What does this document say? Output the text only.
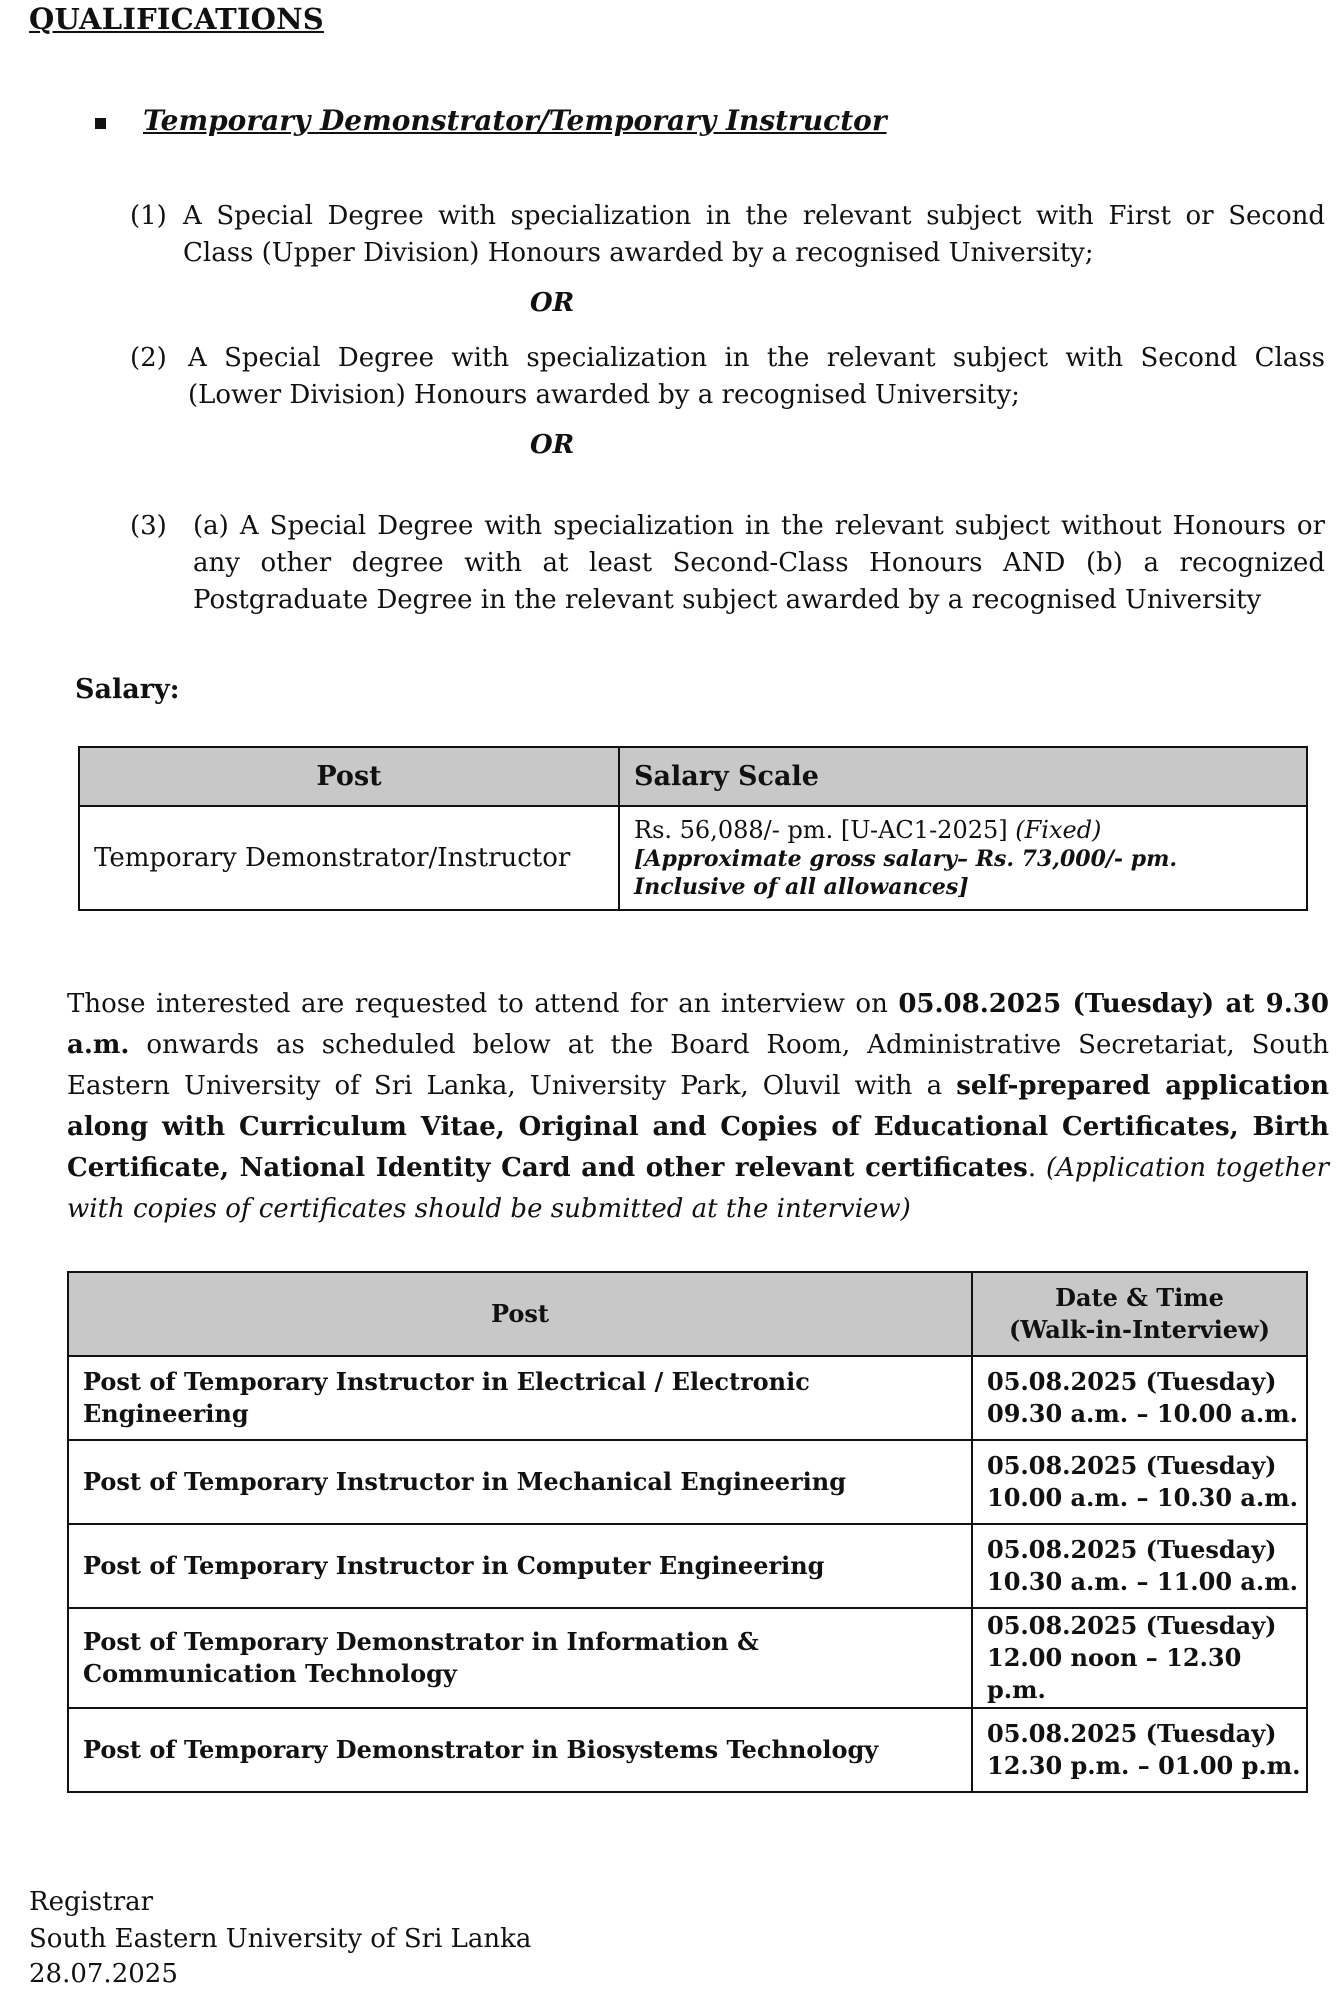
QUALIFICATIONS
Temporary Demonstrator/Temporary Instructor
(1) A Special Degree with specialization in the relevant subject with First or Second Class (Upper Division) Honours awarded by a recognised University;
OR
(2) A Special Degree with specialization in the relevant subject with Second Class (Lower Division) Honours awarded by a recognised University;
OR
(3) (a) A Special Degree with specialization in the relevant subject without Honours or any other degree with at least Second-Class Honours AND (b) a recognized Postgraduate Degree in the relevant subject awarded by a recognised University
Salary:
Post	Salary Scale
Temporary Demonstrator/Instructor	Rs. 56,088/- pm. [U-AC1-2025] (Fixed)
[Approximate gross salary– Rs. 73,000/- pm. Inclusive of all allowances]
Those interested are requested to attend for an interview on 05.08.2025 (Tuesday) at 9.30 a.m. onwards as scheduled below at the Board Room, Administrative Secretariat, South Eastern University of Sri Lanka, University Park, Oluvil with a self-prepared application along with Curriculum Vitae, Original and Copies of Educational Certificates, Birth Certificate, National Identity Card and other relevant certificates. (Application together with copies of certificates should be submitted at the interview)
Post	Date & Time
(Walk-in-Interview)

Post of Temporary Instructor in Electrical / Electronic Engineering	05.08.2025 (Tuesday)
09.30 a.m. – 10.00 a.m.

Post of Temporary Instructor in Mechanical Engineering	05.08.2025 (Tuesday)
10.00 a.m. – 10.30 a.m.

Post of Temporary Instructor in Computer Engineering	05.08.2025 (Tuesday)
10.30 a.m. – 11.00 a.m.

Post of Temporary Demonstrator in Information & Communication Technology	05.08.2025 (Tuesday)
12.00 noon – 12.30 p.m.

Post of Temporary Demonstrator in Biosystems Technology	05.08.2025 (Tuesday)
12.30 p.m. – 01.00 p.m.
Registrar
South Eastern University of Sri Lanka
28.07.2025
